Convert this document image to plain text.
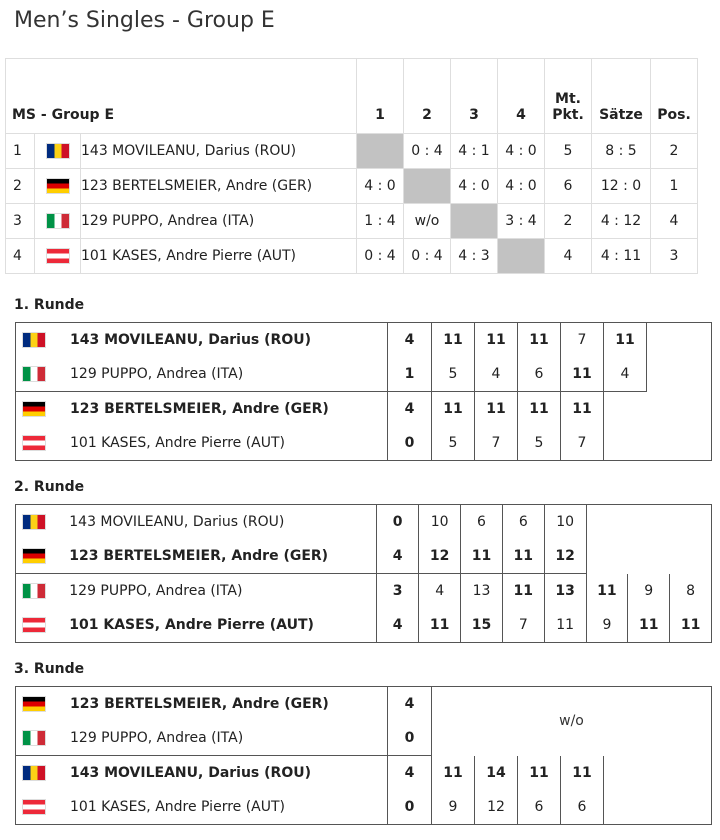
Men’s Singles - Group E
MS - Group E			1	2	3	4	Mt.
Pkt.	Sätze	Pos.
1		143 MOVILEANU, Darius (ROU)		0 : 4	4 : 1	4 : 0	5	8 : 5	2
2		123 BERTELSMEIER, Andre (GER)	4 : 0		4 : 0	4 : 0	6	12 : 0	1
3		129 PUPPO, Andrea (ITA)	1 : 4	w/o		3 : 4	2	4 : 12	4
4		101 KASES, Andre Pierre (AUT)	0 : 4	0 : 4	4 : 3		4	4 : 11	3
1. Runde
	143 MOVILEANU, Darius (ROU)	4	11	11	11	7	11	
	129 PUPPO, Andrea (ITA)	1	5	4	6	11	4	
	123 BERTELSMEIER, Andre (GER)	4	11	11	11	11		
	101 KASES, Andre Pierre (AUT)	0	5	7	5	7		
2. Runde
	143 MOVILEANU, Darius (ROU)	0	10	6	6	10			
	123 BERTELSMEIER, Andre (GER)	4	12	11	11	12			
	129 PUPPO, Andrea (ITA)	3	4	13	11	13	11	9	8
	101 KASES, Andre Pierre (AUT)	4	11	15	7	11	9	11	11
3. Runde
	123 BERTELSMEIER, Andre (GER)	4	w/o				
	129 PUPPO, Andrea (ITA)	0					
	143 MOVILEANU, Darius (ROU)	4	11	14	11	11	
	101 KASES, Andre Pierre (AUT)	0	9	12	6	6	
